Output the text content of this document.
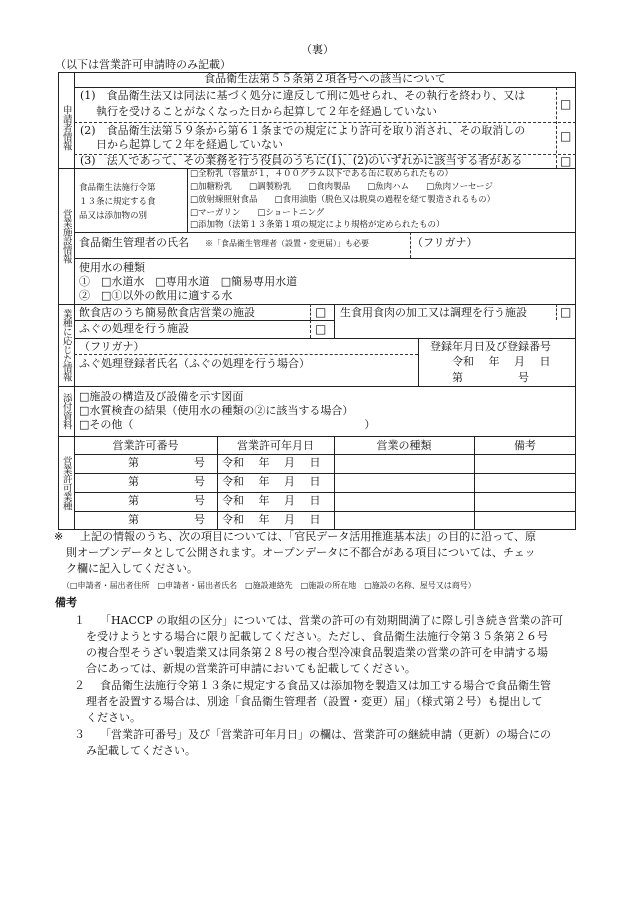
（裏）
（以下は営業許可申請時のみ記載）
申請者情報
食品衛生法第５５条第２項各号への該当について
(1)　食品衛生法又は同法に基づく処分に違反して刑に処せられ、その執行を終わり、又は
執行を受けることがなくなった日から起算して２年を経過していない
□
(2)　食品衛生法第５９条から第６１条までの規定により許可を取り消され、その取消しの
日から起算して２年を経過していない
□
(3)　法人であって、その業務を行う役員のうちに(1)、(2)のいずれかに該当する者がある	□
営業施設情報
食品衛生法施行令第
１３条に規定する食
品又は添加物の別
□全粉乳（容量が１，４００グラム以下である缶に収められたもの）
□加糖粉乳　　□調製粉乳　　□食肉製品　　□魚肉ハム　　□魚肉ソーセージ
□放射線照射食品　　□食用油脂（脱色又は脱臭の過程を経て製造されるもの）
□マーガリン　　□ショートニング
□添加物（法第１３条第１項の規定により規格が定められたもの）
食品衛生管理者の氏名 ※「食品衛生管理者（設置・変更届）」も必要	（フリガナ）
使用水の種類
①　□水道水　□専用水道　□簡易専用水道
②　□①以外の飲用に適する水
業種に応じた情報 飲食店のうち簡易飲食店営業の施設	□ 生食用食肉の加工又は調理を行う施設	□
ふぐの処理を行う施設	□
（フリガナ）
ふぐ処理登録者氏名（ふぐの処理を行う場合）
登録年月日及び登録番号
令和　 年 　月　 日
第　　　　　号
添付資料 □施設の構造及び設備を示す図面
□水質検査の結果（使用水の種類の②に該当する場合）
□その他（　　　　　　　　　　　　　　　　　　　　　）
営業許可業種
営業許可番号	営業許可年月日	営業の種類	備考
第　　　　　号 令和　 年　 月　 日
第　　　　　号 令和　 年　 月　 日
第　　　　　号 令和　 年　 月　 日
第　　　　　号 令和　 年　 月　 日
※ 上記の情報のうち、次の項目については、「官民データ活用推進基本法」の目的に沿って、原
則オープンデータとして公開されます。オープンデータに不都合がある項目については、チェッ
ク欄に記入してください。
（□申請者・届出者住所　□申請者・届出者氏名　□施設連絡先　□施設の所在地　□施設の名称、屋号又は商号）
備考
１ 「HACCP の取組の区分」については、営業の許可の有効期間満了に際し引き続き営業の許可
を受けようとする場合に限り記載してください。ただし、食品衛生法施行令第３５条第２６号
の複合型そうざい製造業又は同条第２８号の複合型冷凍食品製造業の営業の許可を申請する場
合にあっては、新規の営業許可申請においても記載してください。
２ 食品衛生法施行令第１３条に規定する食品又は添加物を製造又は加工する場合で食品衛生管
理者を設置する場合は、別途「食品衛生管理者（設置・変更）届」（様式第２号）も提出して
ください。
３ 「営業許可番号」及び「営業許可年月日」の欄は、営業許可の継続申請（更新）の場合にの
み記載してください。
